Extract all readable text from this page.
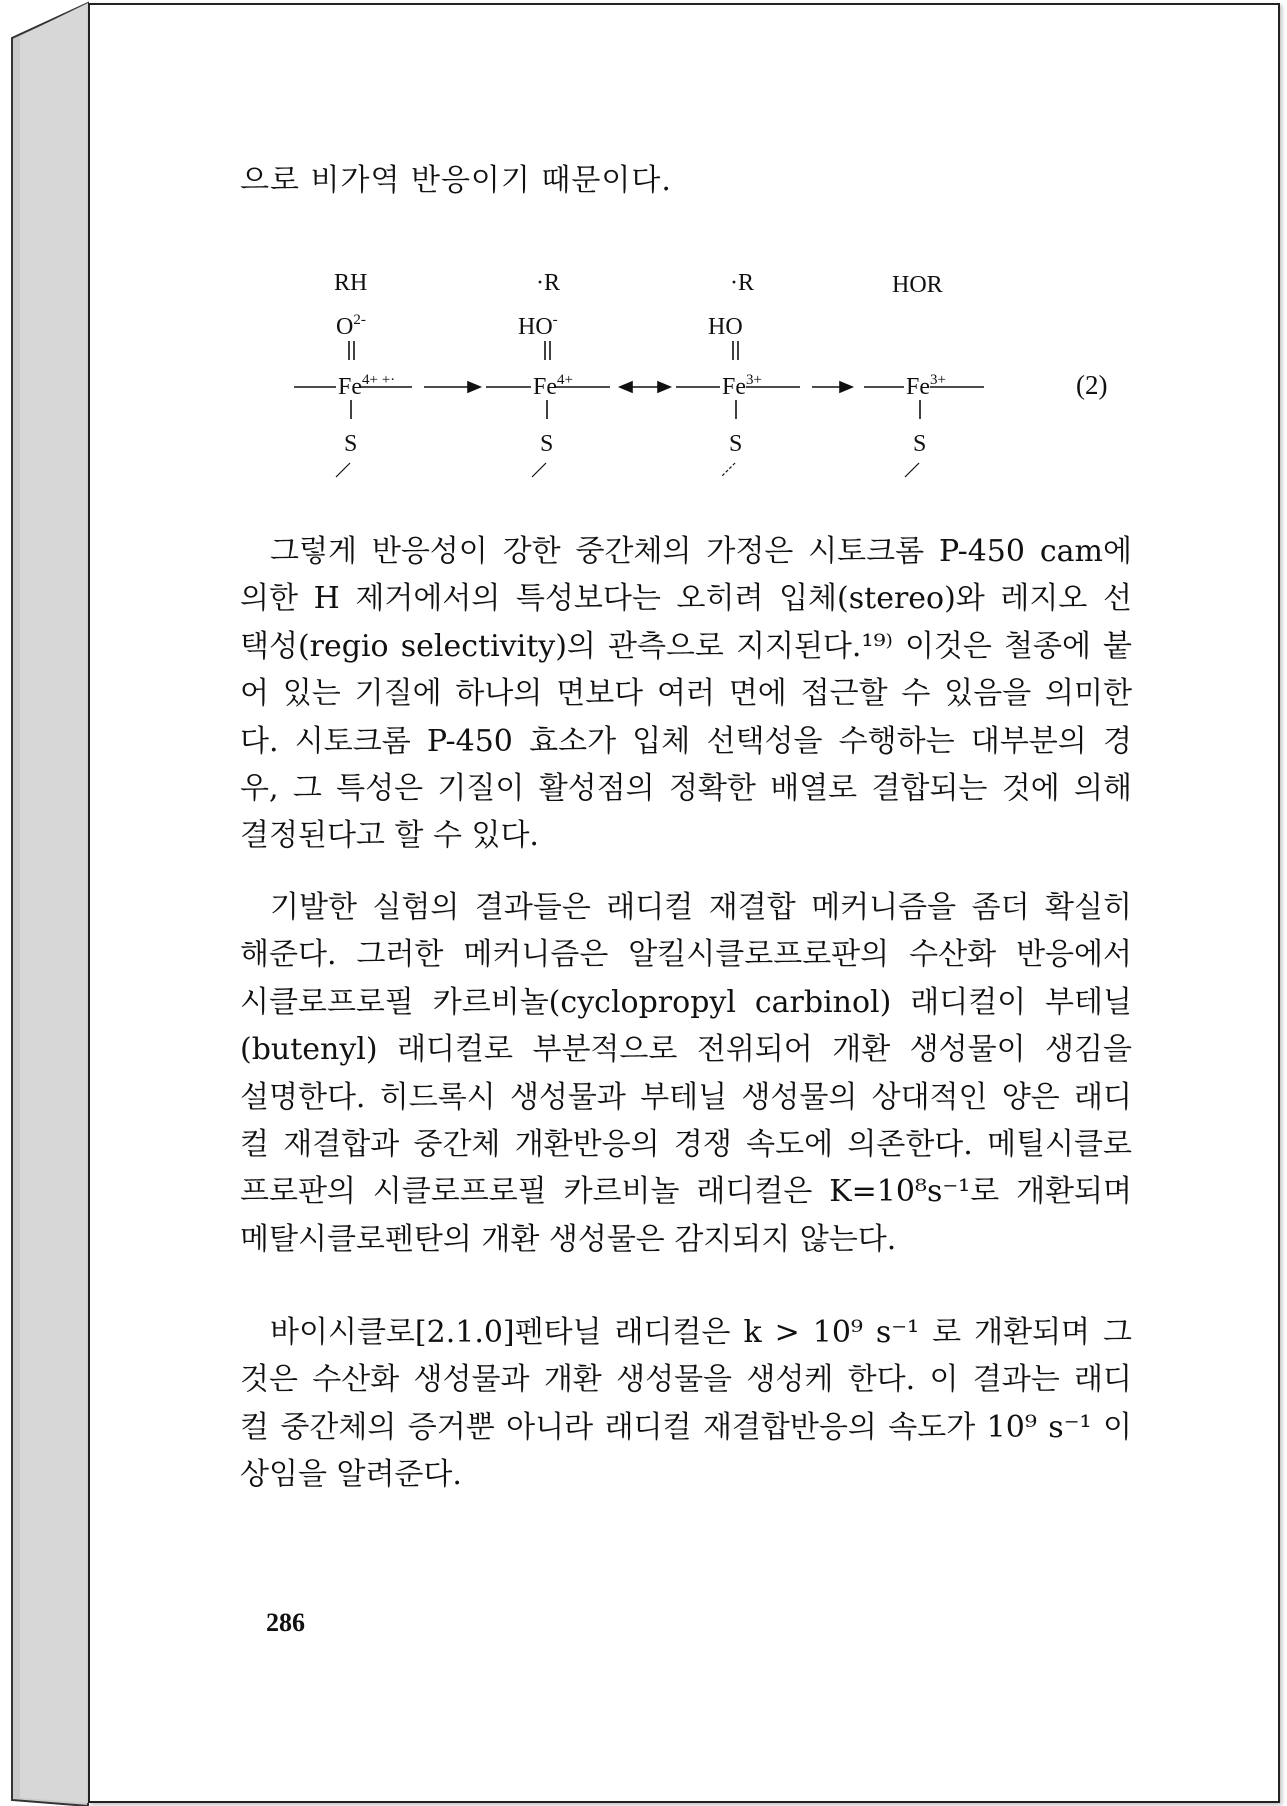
으로 비가역 반응이기 때문이다.
RH	·R	·R	HOR
$O^{2-}$	HO-	HO
$Fe^{4+ +\cdot}$	$Fe^{4+}$	$Fe^{3+}$	$Fe^{3+}$
S	S	S	S
(2)
그렇게 반응성이 강한 중간체의 가정은 시토크롬 P-450 cam에
의한 H 제거에서의 특성보다는 오히려 입체(stereo)와 레지오 선
택성(regio selectivity)의 관측으로 지지된다.¹⁹⁾ 이것은 철종에 붙
어 있는 기질에 하나의 면보다 여러 면에 접근할 수 있음을 의미한
다. 시토크롬 P-450 효소가 입체 선택성을 수행하는 대부분의 경
우, 그 특성은 기질이 활성점의 정확한 배열로 결합되는 것에 의해
결정된다고 할 수 있다.
기발한 실험의 결과들은 래디컬 재결합 메커니즘을 좀더 확실히
해준다. 그러한 메커니즘은 알킬시클로프로판의 수산화 반응에서
시클로프로필 카르비놀(cyclopropyl carbinol) 래디컬이 부테닐
(butenyl) 래디컬로 부분적으로 전위되어 개환 생성물이 생김을
설명한다. 히드록시 생성물과 부테닐 생성물의 상대적인 양은 래디
컬 재결합과 중간체 개환반응의 경쟁 속도에 의존한다. 메틸시클로
프로판의 시클로프로필 카르비놀 래디컬은 K=10⁸s⁻¹로 개환되며
메탈시클로펜탄의 개환 생성물은 감지되지 않는다.
바이시클로[2.1.0]펜타닐 래디컬은 k > 10⁹ s⁻¹ 로 개환되며 그
것은 수산화 생성물과 개환 생성물을 생성케 한다. 이 결과는 래디
컬 중간체의 증거뿐 아니라 래디컬 재결합반응의 속도가 10⁹ s⁻¹ 이
상임을 알려준다.
286
